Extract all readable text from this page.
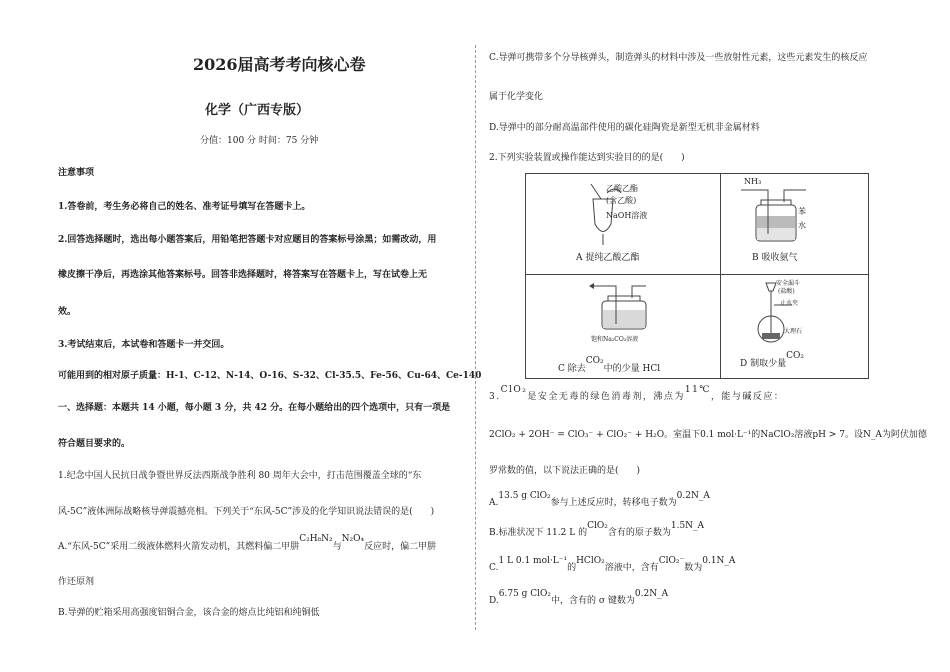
2026届高考考向核心卷
化学（广西专版）
分值：100 分 时间：75 分钟
注意事项
1.答卷前，考生务必将自己的姓名、准考证号填写在答题卡上。
2.回答选择题时，选出每小题答案后，用铅笔把答题卡对应题目的答案标号涂黑；如需改动，用
橡皮擦干净后，再选涂其他答案标号。回答非选择题时，将答案写在答题卡上，写在试卷上无
效。
3.考试结束后，本试卷和答题卡一并交回。
可能用到的相对原子质量：H-1、C-12、N-14、O-16、S-32、Cl-35.5、Fe-56、Cu-64、Ce-140
一、选择题：本题共 14 小题，每小题 3 分，共 42 分。在每小题给出的四个选项中，只有一项是
符合题目要求的。
1.纪念中国人民抗日战争暨世界反法西斯战争胜利 80 周年大会中，打击范围覆盖全球的“东
风-5C”液体洲际战略核导弹震撼亮相。下列关于“东风-5C”涉及的化学知识说法错误的是(　　)
A.“东风-5C”采用二级液体燃料火箭发动机，其燃料偏二甲肼C₂H₈N₂与N₂O₄反应时，偏二甲肼
作还原剂
B.导弹的贮箱采用高强度铝铜合金，该合金的熔点比纯铝和纯铜低
C.导弹可携带多个分导核弹头，制造弹头的材料中涉及一些放射性元素，这些元素发生的核反应
属于化学变化
D.导弹中的部分耐高温部件使用的碳化硅陶瓷是新型无机非金属材料
2.下列实验装置或操作能达到实验目的的是(　　)
乙酸乙酯
(含乙酸)
NaOH溶液
A 提纯乙酸乙酯
NH₃
苯
水
B 吸收氨气
饱和Na₂CO₃溶液
C 除去CO₂中的少量 HCl
安全漏斗
(盐酸)
止水夹
大理石
D 制取少量CO₂
3.ClO₂是安全无毒的绿色消毒剂，沸点为11℃，能与碱反应：
2ClO₂ + 2OH⁻ = ClO₃⁻ + ClO₂⁻ + H₂O。室温下0.1 mol·L⁻¹的NaClO₂溶液pH > 7。设N_A为阿伏加德
罗常数的值，以下说法正确的是(　　)
A.13.5 g ClO₂参与上述反应时，转移电子数为0.2N_A
B.标准状况下 11.2 L 的ClO₂含有的原子数为1.5N_A
C.1 L 0.1 mol·L⁻¹的HClO₂溶液中，含有ClO₂⁻数为0.1N_A
D.6.75 g ClO₂中，含有的 σ 键数为0.2N_A
